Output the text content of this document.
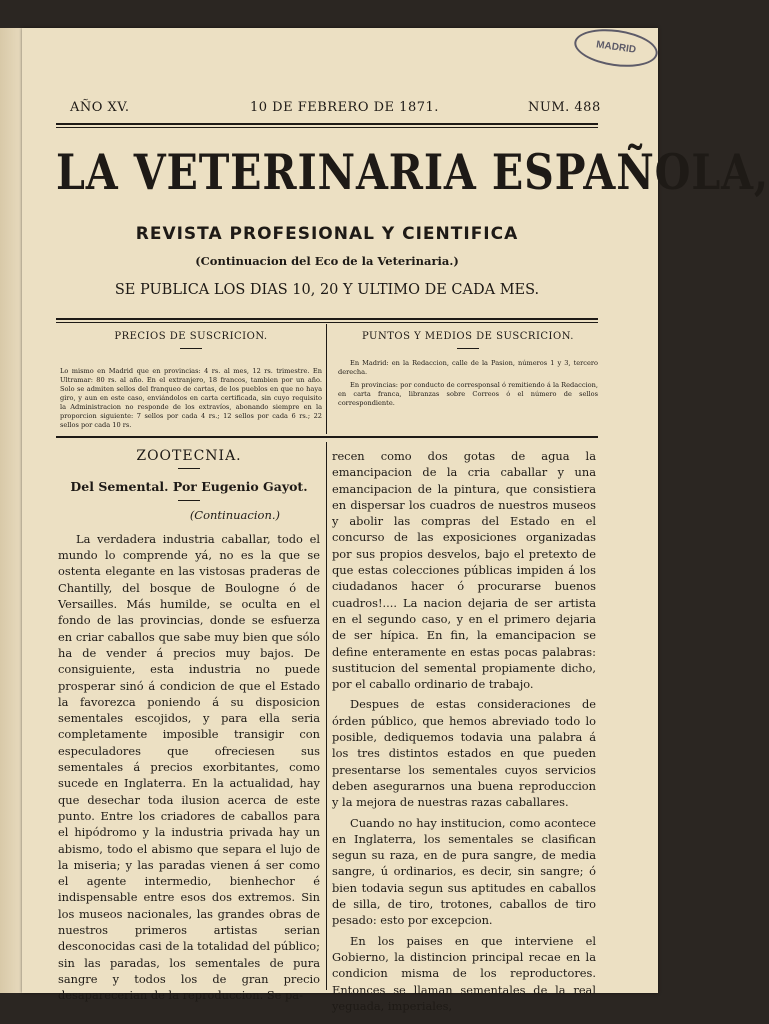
MADRID
AÑO XV.	10 DE FEBRERO DE 1871.	NUM. 488
LA VETERINARIA ESPAÑOLA,
REVISTA PROFESIONAL Y CIENTIFICA
(Continuacion del Eco de la Veterinaria.)
SE PUBLICA LOS DIAS 10, 20 Y ULTIMO DE CADA MES.
PRECIOS DE SUSCRICION.
Lo mismo en Madrid que en provincias: 4 rs. al mes, 12 rs. trimestre. En Ultramar: 80 rs. al año. En el extranjero, 18 francos, tambien por un año. Solo se admiten sellos del franqueo de cartas, de los pueblos en que no haya giro, y aun en este caso, enviándolos en carta certificada, sin cuyo requisito la Administracion no responde de los extravíos, abonando siempre en la proporcion siguiente: 7 sellos por cada 4 rs.; 12 sellos por cada 6 rs.; 22 sellos por cada 10 rs.
PUNTOS Y MEDIOS DE SUSCRICION.
En Madrid: en la Redaccion, calle de la Pasion, números 1 y 3, tercero derecha.
En provincias: por conducto de corresponsal ó remitiendo á la Redaccion, en carta franca, libranzas sobre Correos ó el número de sellos correspondiente.
ZOOTECNIA.
Del Semental. Por Eugenio Gayot.
(Continuacion.)

La verdadera industria caballar, todo el mundo lo comprende yá, no es la que se ostenta elegante en las vistosas praderas de Chantilly, del bosque de Boulogne ó de Versailles. Más humilde, se oculta en el fondo de las provincias, donde se esfuerza en criar caballos que sabe muy bien que sólo ha de vender á precios muy bajos. De consiguiente, esta industria no puede prosperar sinó á condicion de que el Estado la favorezca poniendo á su disposicion sementales escojidos, y para ella seria completamente imposible transigir con especuladores que ofreciesen sus sementales á precios exorbitantes, como sucede en Inglaterra. En la actualidad, hay que desechar toda ilusion acerca de este punto. Entre los criadores de caballos para el hipódromo y la industria privada hay un abismo, todo el abismo que separa el lujo de la miseria; y las paradas vienen á ser como el agente intermedio, bienhechor é indispensable entre esos dos extremos. Sin los museos nacionales, las grandes obras de nuestros primeros artistas serian desconocidas casi de la totalidad del público; sin las paradas, los sementales de pura sangre y todos los de gran precio desaparecerian de la reproduccion. Se pa-

recen como dos gotas de agua la emancipacion de la cria caballar y una emancipacion de la pintura, que consistiera en dispersar los cuadros de nuestros museos y abolir las compras del Estado en el concurso de las exposiciones organizadas por sus propios desvelos, bajo el pretexto de que estas colecciones públicas impiden á los ciudadanos hacer ó procurarse buenos cuadros!.... La nacion dejaria de ser artista en el segundo caso, y en el primero dejaria de ser hípica. En fin, la emancipacion se define enteramente en estas pocas palabras: sustitucion del semental propiamente dicho, por el caballo ordinario de trabajo.

Despues de estas consideraciones de órden público, que hemos abreviado todo lo posible, dediquemos todavia una palabra á los tres distintos estados en que pueden presentarse los sementales cuyos servicios deben asegurarnos una buena reproduccion y la mejora de nuestras razas caballares.

Cuando no hay institucion, como acontece en Inglaterra, los sementales se clasifican segun su raza, en de pura sangre, de media sangre, ú ordinarios, es decir, sin sangre; ó bien todavia segun sus aptitudes en caballos de silla, de tiro, trotones, caballos de tiro pesado: esto por excepcion.

En los paises en que interviene el Gobierno, la distincion principal recae en la condicion misma de los reproductores. Entonces se llaman sementales de la real yeguada, imperiales,
